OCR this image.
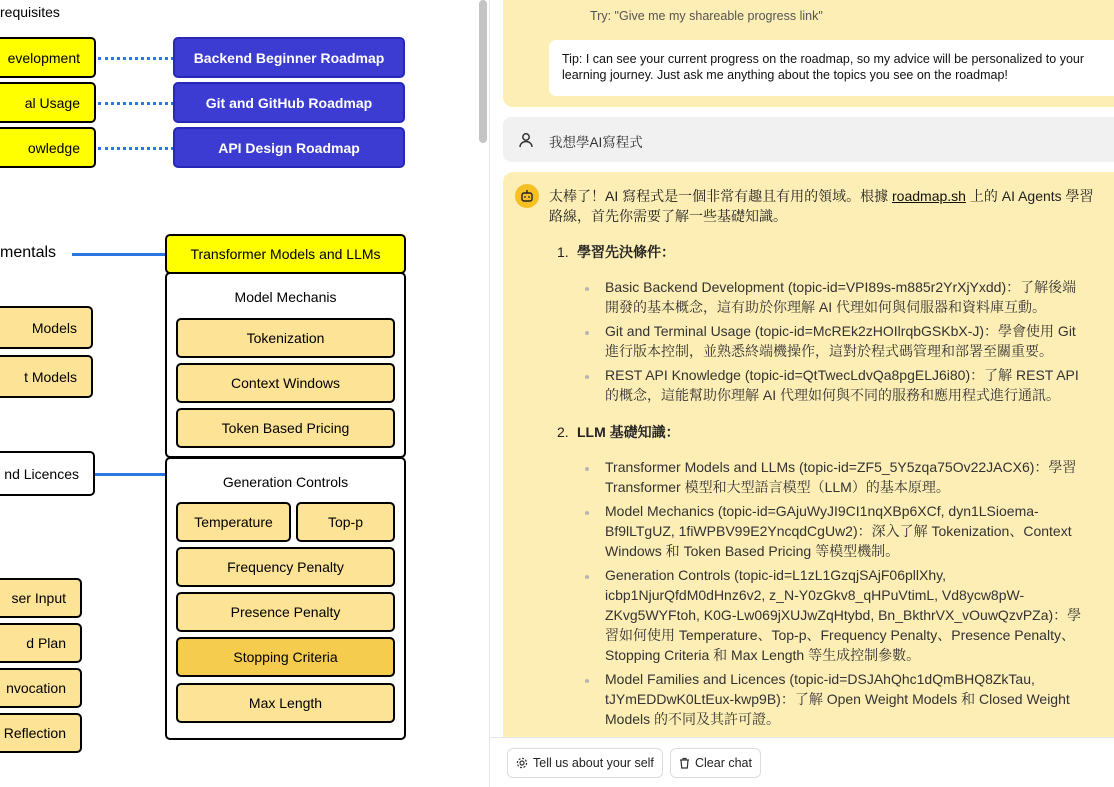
requisites
evelopment
al Usage
owledge
Backend Beginner Roadmap
Git and GitHub Roadmap
API Design Roadmap
mentals	Transformer Models and LLMs
Model Mechanis
Tokenization
Context Windows
Token Based Pricing
Models
t Models
nd Licences
Generation Controls
Temperature	Top-p
Frequency Penalty
Presence Penalty
Stopping Criteria
Max Length
ser Input
d Plan
nvocation
Reflection
Try: "Give me my shareable progress link"
Tip: I can see your current progress on the roadmap, so my advice will be personalized to your learning journey. Just ask me anything about the topics you see on the roadmap!
我想學AI寫程式
太棒了！AI 寫程式是一個非常有趣且有用的領域。根據 roadmap.sh 上的 AI Agents 學習
路線，首先你需要了解一些基礎知識。
1. 學習先決條件：
Basic Backend Development (topic-id=VPI89s-m885r2YrXjYxdd)：了解後端
開發的基本概念，這有助於你理解 AI 代理如何與伺服器和資料庫互動。
Git and Terminal Usage (topic-id=McREk2zHOIlrqbGSKbX-J)：學會使用 Git
進行版本控制，並熟悉終端機操作，這對於程式碼管理和部署至關重要。
REST API Knowledge (topic-id=QtTwecLdvQa8pgELJ6i80)：了解 REST API
的概念，這能幫助你理解 AI 代理如何與不同的服務和應用程式進行通訊。
2. LLM 基礎知識：
Transformer Models and LLMs (topic-id=ZF5_5Y5zqa75Ov22JACX6)：學習
Transformer 模型和大型語言模型（LLM）的基本原理。
Model Mechanics (topic-id=GAjuWyJI9CI1nqXBp6XCf, dyn1LSioema-
Bf9lLTgUZ, 1fiWPBV99E2YncqdCgUw2)：深入了解 Tokenization、Context
Windows 和 Token Based Pricing 等模型機制。
Generation Controls (topic-id=L1zL1GzqjSAjF06pllXhy,
icbp1NjurQfdM0dHnz6v2, z_N-Y0zGkv8_qHPuVtimL, Vd8ycw8pW-
ZKvg5WYFtoh, K0G-Lw069jXUJwZqHtybd, Bn_BkthrVX_vOuwQzvPZa)：學
習如何使用 Temperature、Top-p、Frequency Penalty、Presence Penalty、
Stopping Criteria 和 Max Length 等生成控制參數。
Model Families and Licences (topic-id=DSJAhQhc1dQmBHQ8ZkTau,
tJYmEDDwK0LtEux-kwp9B)：了解 Open Weight Models 和 Closed Weight
Models 的不同及其許可證。
Tell us about your self	Clear chat
